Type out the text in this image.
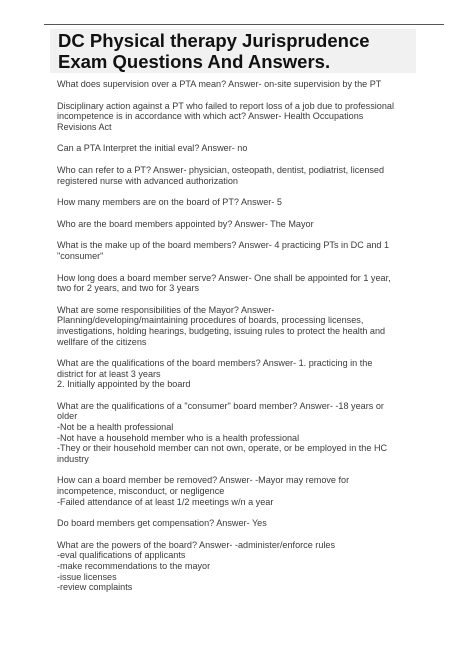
DC Physical therapy Jurisprudence
Exam Questions And Answers.

What does supervision over a PTA mean? Answer- on-site supervision by the PT

Disciplinary action against a PT who failed to report loss of a job due to professional
incompetence is in accordance with which act? Answer- Health Occupations
Revisions Act

Can a PTA Interpret the initial eval? Answer- no

Who can refer to a PT? Answer- physician, osteopath, dentist, podiatrist, licensed
registered nurse with advanced authorization

How many members are on the board of PT? Answer- 5

Who are the board members appointed by? Answer- The Mayor

What is the make up of the board members? Answer- 4 practicing PTs in DC and 1
"consumer"

How long does a board member serve? Answer- One shall be appointed for 1 year,
two for 2 years, and two for 3 years

What are some responsibilities of the Mayor? Answer-
Planning/developing/maintaining procedures of boards, processing licenses,
investigations, holding hearings, budgeting, issuing rules to protect the health and
wellfare of the citizens

What are the qualifications of the board members? Answer- 1. practicing in the
district for at least 3 years
2. Initially appointed by the board

What are the qualifications of a "consumer" board member? Answer- -18 years or
older
-Not be a health professional
-Not have a household member who is a health professional
-They or their household member can not own, operate, or be employed in the HC
industry

How can a board member be removed? Answer- -Mayor may remove for
incompetence, misconduct, or negligence
-Failed attendance of at least 1/2 meetings w/n a year

Do board members get compensation? Answer- Yes

What are the powers of the board? Answer- -administer/enforce rules
-eval qualifications of applicants
-make recommendations to the mayor
-issue licenses
-review complaints
